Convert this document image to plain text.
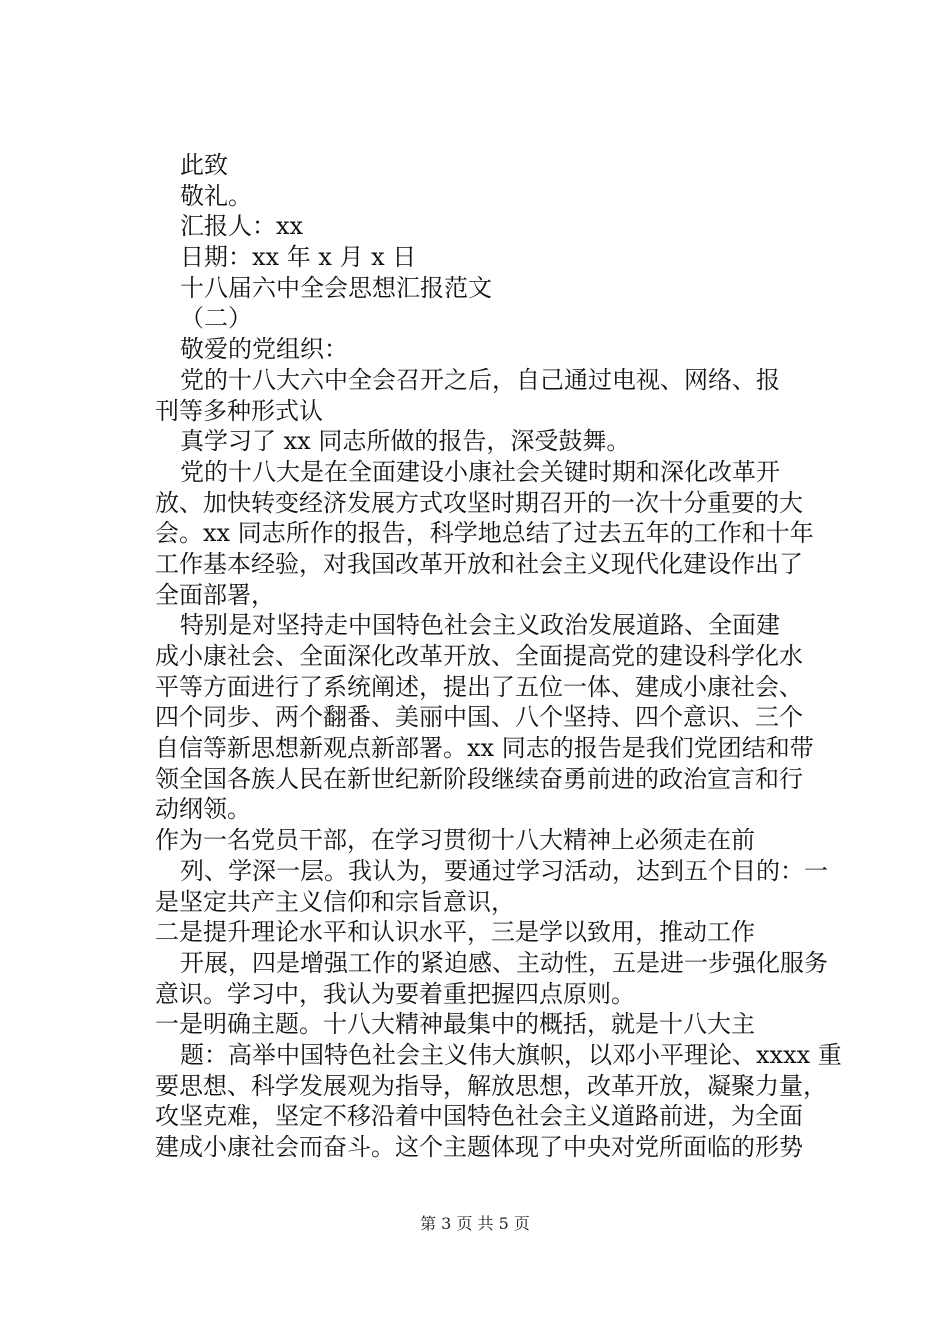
此致
敬礼。
汇报人：xx
日期：xx 年 x 月 x 日
十八届六中全会思想汇报范文
（二）
敬爱的党组织：
党的十八大六中全会召开之后，自己通过电视、网络、报
刊等多种形式认
真学习了 xx 同志所做的报告，深受鼓舞。
党的十八大是在全面建设小康社会关键时期和深化改革开
放、加快转变经济发展方式攻坚时期召开的一次十分重要的大
会。xx 同志所作的报告，科学地总结了过去五年的工作和十年
工作基本经验，对我国改革开放和社会主义现代化建设作出了
全面部署，
特别是对坚持走中国特色社会主义政治发展道路、全面建
成小康社会、全面深化改革开放、全面提高党的建设科学化水
平等方面进行了系统阐述，提出了五位一体、建成小康社会、
四个同步、两个翻番、美丽中国、八个坚持、四个意识、三个
自信等新思想新观点新部署。xx 同志的报告是我们党团结和带
领全国各族人民在新世纪新阶段继续奋勇前进的政治宣言和行
动纲领。
作为一名党员干部，在学习贯彻十八大精神上必须走在前
列、学深一层。我认为，要通过学习活动，达到五个目的：一
是坚定共产主义信仰和宗旨意识，
二是提升理论水平和认识水平，三是学以致用，推动工作
开展，四是增强工作的紧迫感、主动性，五是进一步强化服务
意识。学习中，我认为要着重把握四点原则。
一是明确主题。十八大精神最集中的概括，就是十八大主
题：高举中国特色社会主义伟大旗帜，以邓小平理论、xxxx 重
要思想、科学发展观为指导，解放思想，改革开放，凝聚力量，
攻坚克难，坚定不移沿着中国特色社会主义道路前进，为全面
建成小康社会而奋斗。这个主题体现了中央对党所面临的形势
第 3 页 共 5 页
